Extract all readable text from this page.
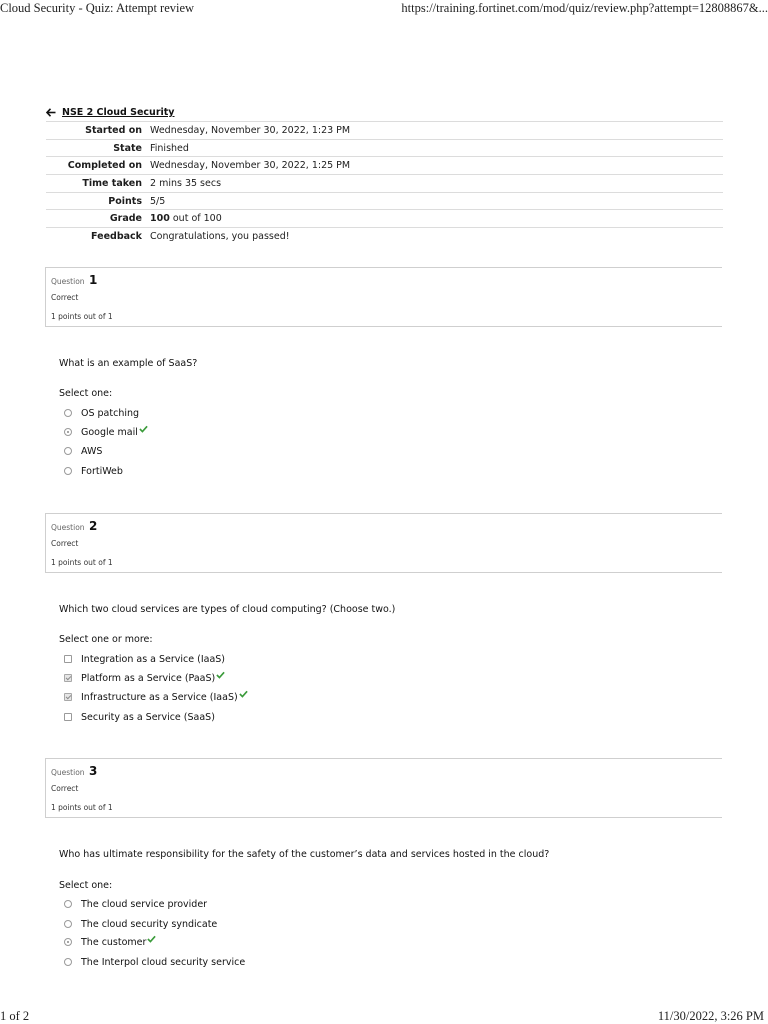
Cloud Security - Quiz: Attempt review	https://training.fortinet.com/mod/quiz/review.php?attempt=12808867&...
NSE 2 Cloud Security
Started on	Wednesday, November 30, 2022, 1:23 PM
State	Finished
Completed on	Wednesday, November 30, 2022, 1:25 PM
Time taken	2 mins 35 secs
Points	5/5
Grade	100 out of 100
Feedback	Congratulations, you passed!
Question 1
Correct
1 points out of 1
What is an example of SaaS?
Select one:
OS patching
Google mail
AWS
FortiWeb
Question 2
Correct
1 points out of 1
Which two cloud services are types of cloud computing? (Choose two.)
Select one or more:
Integration as a Service (IaaS)
Platform as a Service (PaaS)
Infrastructure as a Service (IaaS)
Security as a Service (SaaS)
Question 3
Correct
1 points out of 1
Who has ultimate responsibility for the safety of the customer’s data and services hosted in the cloud?
Select one:
The cloud service provider
The cloud security syndicate
The customer
The Interpol cloud security service
1 of 2	11/30/2022, 3:26 PM
